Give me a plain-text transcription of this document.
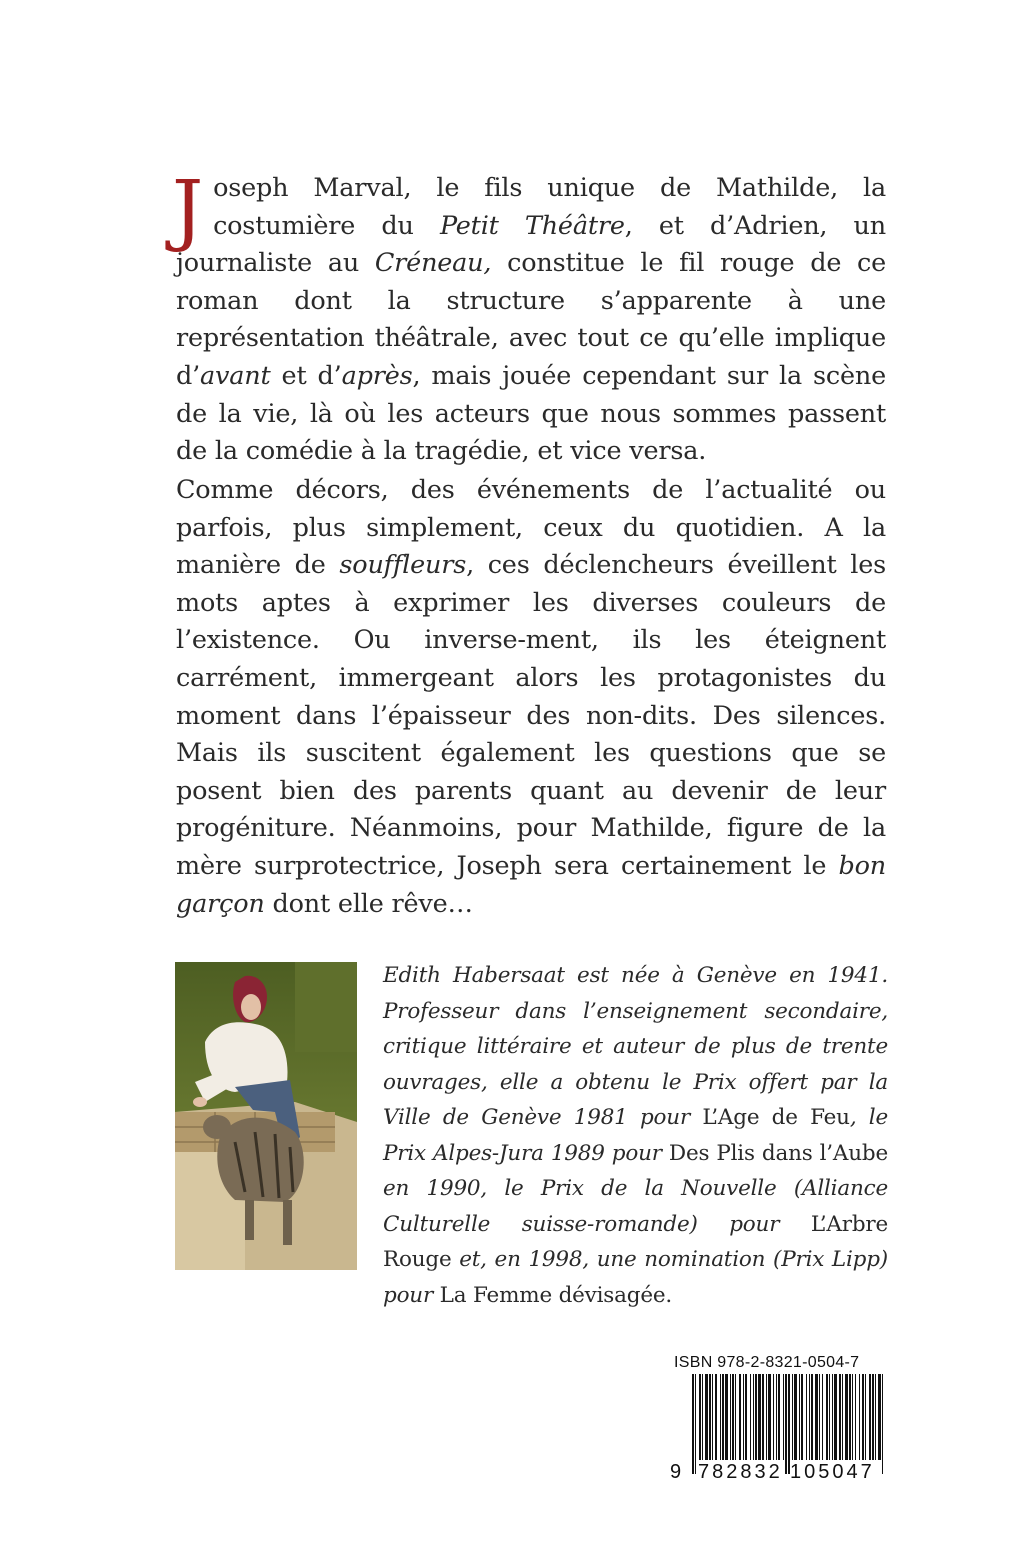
Joseph Marval, le fils unique de Mathilde, la costumière du Petit Théâtre, et d’Adrien, un journaliste au Créneau, constitue le fil rouge de ce roman dont la structure s’apparente à une représentation théâtrale, avec tout ce qu’elle implique d’avant et d’après, mais jouée cependant sur la scène de la vie, là où les acteurs que nous sommes passent de la comédie à la tragédie, et vice versa.
Comme décors, des événements de l’actualité ou parfois, plus simplement, ceux du quotidien. A la manière de souffleurs, ces déclencheurs éveillent les mots aptes à exprimer les diverses couleurs de l’existence. Ou inverse-ment, ils les éteignent carrément, immergeant alors les protagonistes du moment dans l’épaisseur des non-dits. Des silences. Mais ils suscitent également les questions que se posent bien des parents quant au devenir de leur progéniture. Néanmoins, pour Mathilde, figure de la mère surprotectrice, Joseph sera certainement le bon garçon dont elle rêve…
Edith Habersaat est née à Genève en 1941. Professeur dans l’enseignement secondaire, critique littéraire et auteur de plus de trente ouvrages, elle a obtenu le Prix offert par la Ville de Genève 1981 pour L’Age de Feu, le Prix Alpes-Jura 1989 pour Des Plis dans l’Aube en 1990, le Prix de la Nouvelle (Alliance Culturelle suisse-romande) pour L’Arbre Rouge et, en 1998, une nomination (Prix Lipp) pour La Femme dévisagée.
ISBN 978-2-8321-0504-7
9 782832 105047
